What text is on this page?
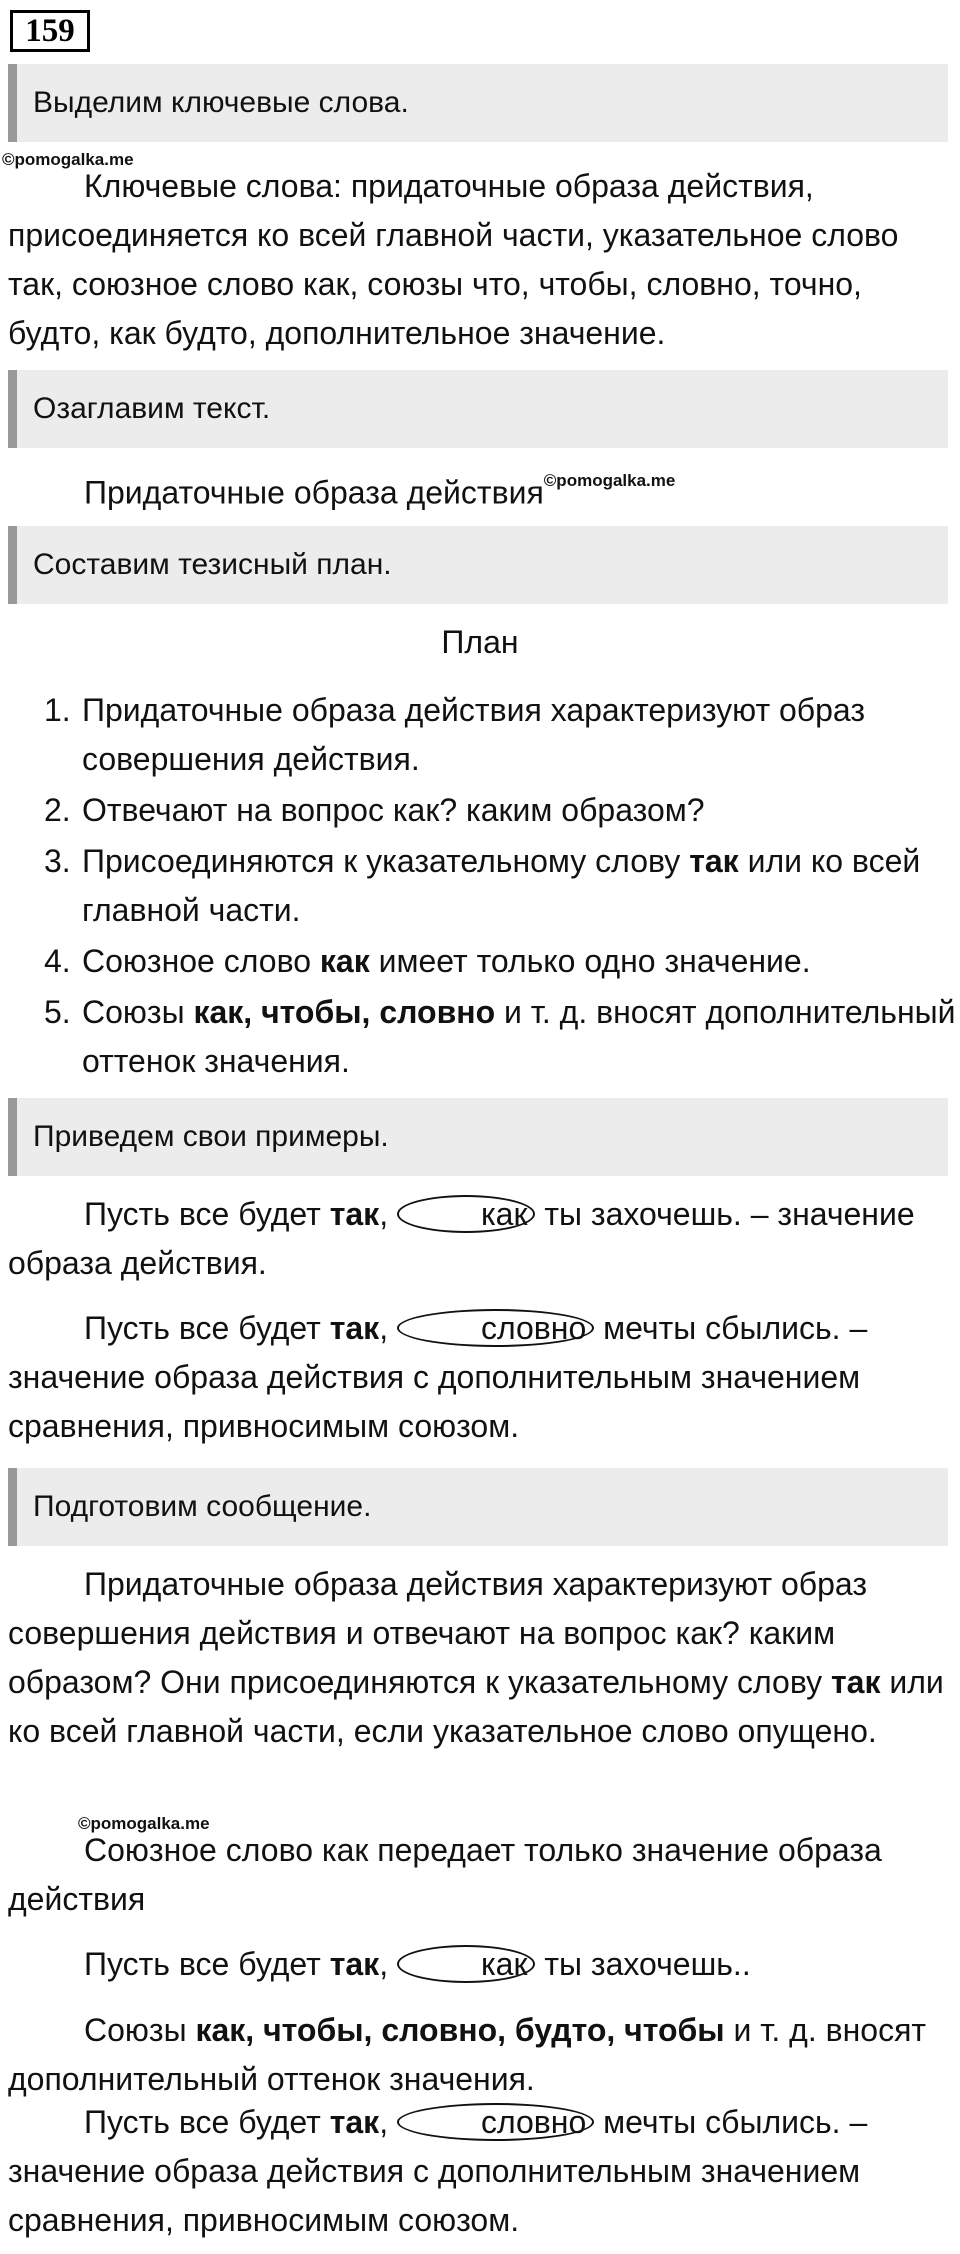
159
Выделим ключевые слова.
©pomogalka.me
Ключевые слова: придаточные образа действия, присоединяется ко всей главной части, указательное слово так, союзное слово как, союзы что, чтобы, словно, точно, будто, как будто, дополнительное значение.
Озаглавим текст.
Придаточные образа действия$^{©pomogalka.me}$
Составим тезисный план.
План
1. Придаточные образа действия характеризуют образ совершения действия.
2. Отвечают на вопрос как? каким образом?
3. Присоединяются к указательному слову так или ко всей главной части.
4. Союзное слово как имеет только одно значение.
5. Союзы как, чтобы, словно и т. д. вносят дополнительный оттенок значения.
Приведем свои примеры.
Пусть все будет так,	как ты захочешь. – значение образа действия.
Пусть все будет так,	словно мечты сбылись. – значение образа действия с дополнительным значением сравнения, привносимым союзом.
Подготовим сообщение.
Придаточные образа действия характеризуют образ совершения действия и отвечают на вопрос как? каким образом? Они присоединяются к указательному слову так или ко всей главной части, если указательное слово опущено.
©pomogalka.me
Союзное слово как передает только значение образа действия
Пусть все будет так,	как ты захочешь..
Союзы как, чтобы, словно, будто, чтобы и т. д. вносят дополнительный оттенок значения.
Пусть все будет так,	словно мечты сбылись. – значение образа действия с дополнительным значением сравнения, привносимым союзом.
